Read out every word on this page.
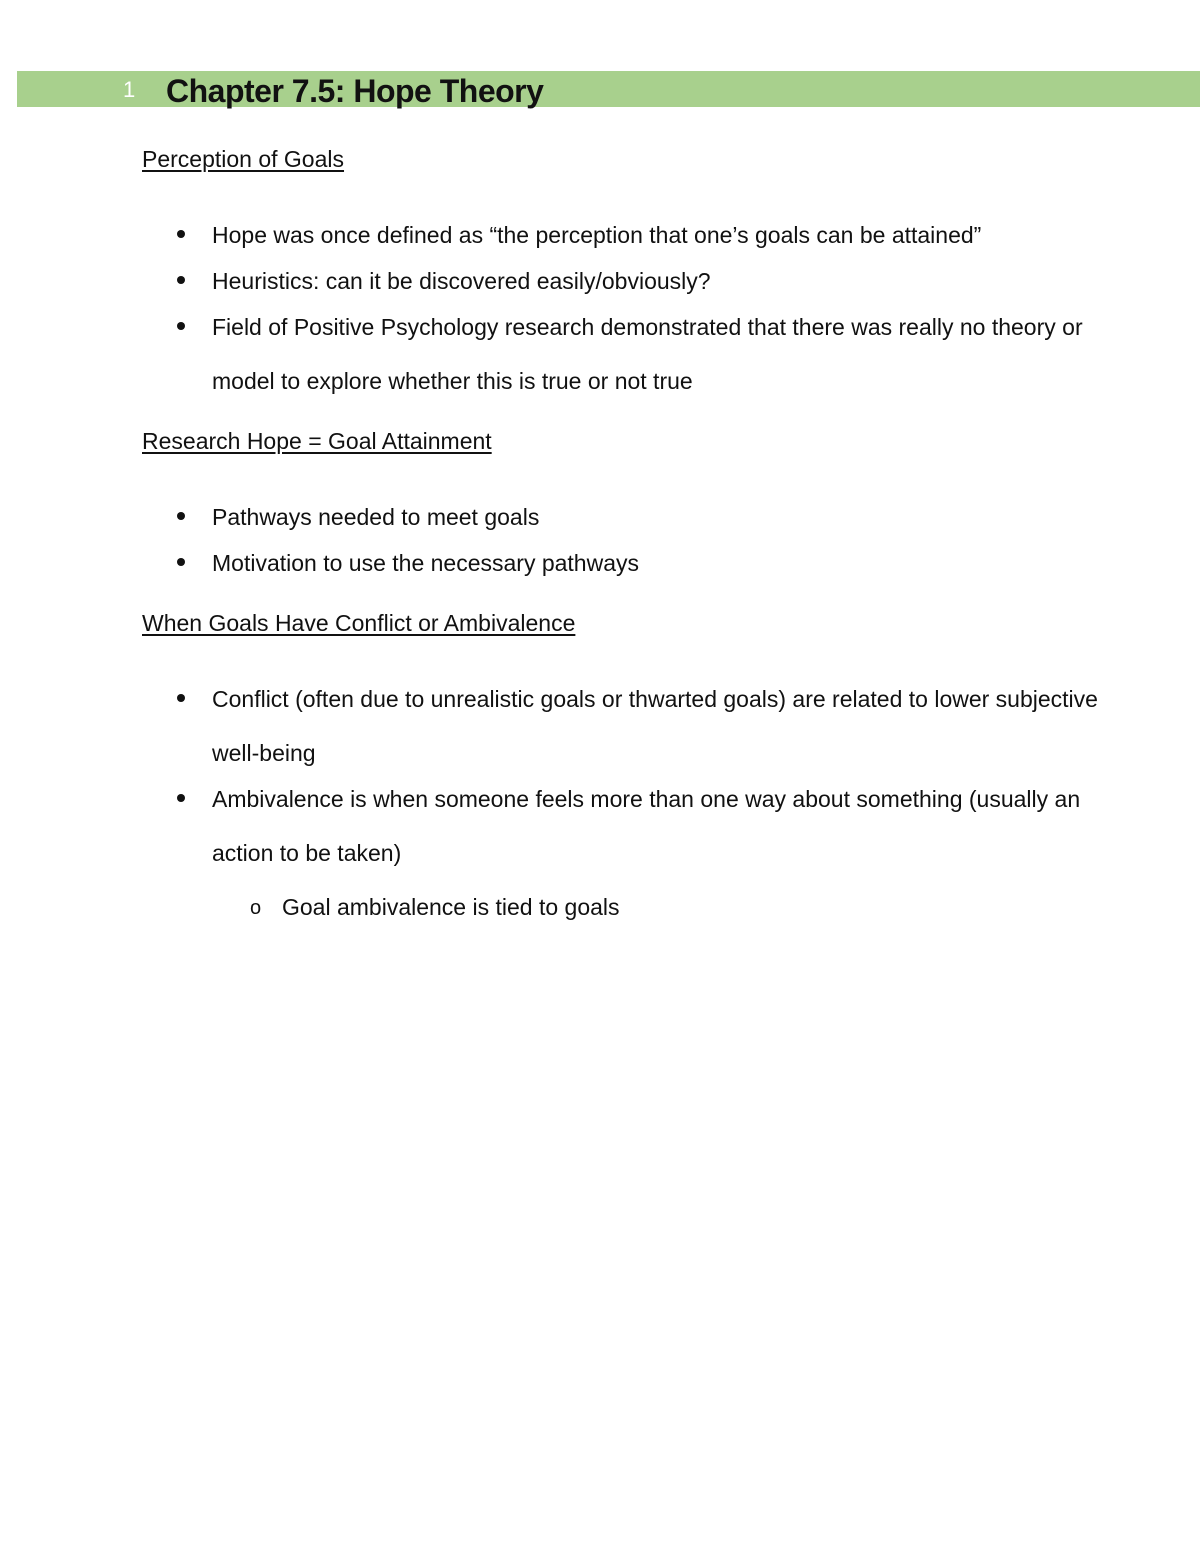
1 Chapter 7.5: Hope Theory
Perception of Goals
Hope was once defined as “the perception that one’s goals can be attained”
Heuristics: can it be discovered easily/obviously?
Field of Positive Psychology research demonstrated that there was really no theory or model to explore whether this is true or not true
Research Hope = Goal Attainment
Pathways needed to meet goals
Motivation to use the necessary pathways
When Goals Have Conflict or Ambivalence
Conflict (often due to unrealistic goals or thwarted goals) are related to lower subjective well-being
Ambivalence is when someone feels more than one way about something (usually an action to be taken)
o Goal ambivalence is tied to goals
